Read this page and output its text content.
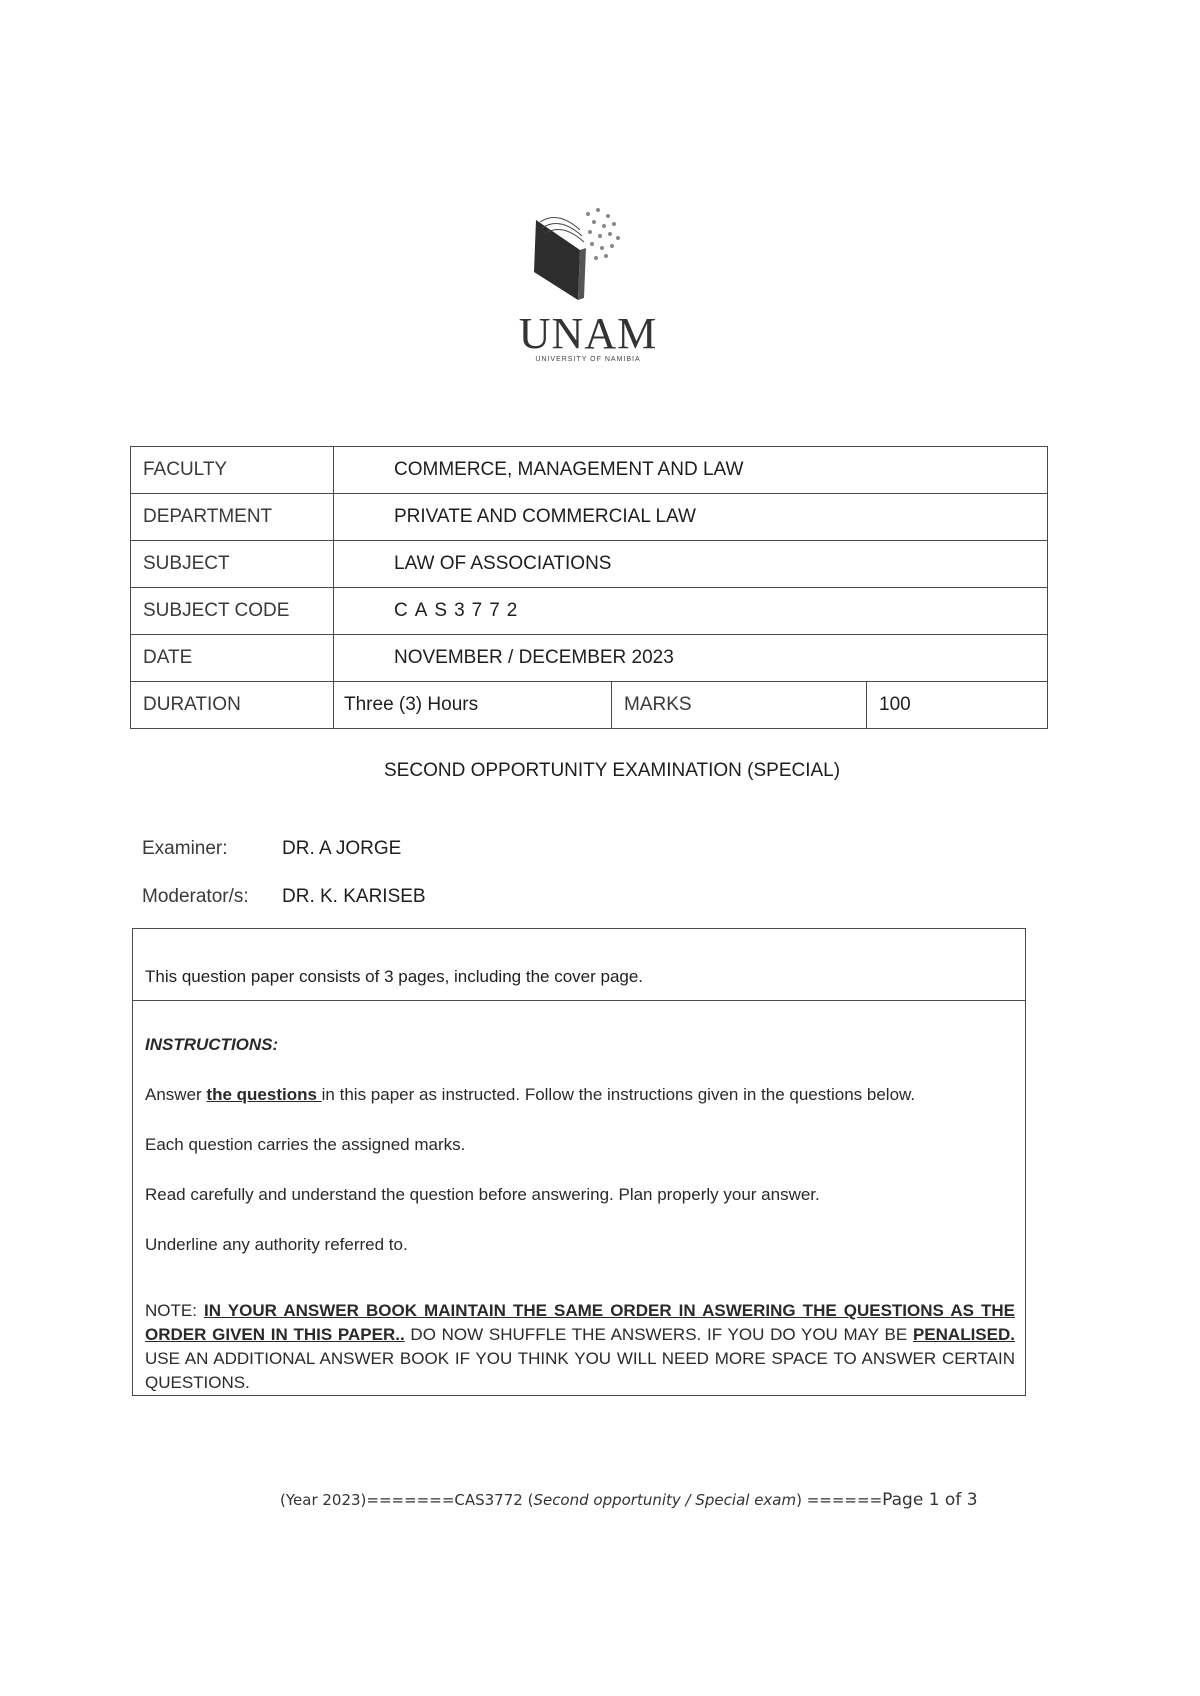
UNAM
UNIVERSITY OF NAMIBIA
FACULTY	COMMERCE, MANAGEMENT AND LAW		
DEPARTMENT	PRIVATE AND COMMERCIAL LAW		
SUBJECT	LAW OF ASSOCIATIONS		
SUBJECT CODE	CAS3772		
DATE	NOVEMBER / DECEMBER 2023		
DURATION	Three (3) Hours	MARKS	100
SECOND OPPORTUNITY EXAMINATION (SPECIAL)
Examiner:	DR. A JORGE
Moderator/s: DR. K. KARISEB
This question paper consists of 3 pages, including the cover page.
INSTRUCTIONS:
Answer the questions in this paper as instructed. Follow the instructions given in the questions below.
Each question carries the assigned marks.
Read carefully and understand the question before answering. Plan properly your answer.
Underline any authority referred to.
NOTE: IN YOUR ANSWER BOOK MAINTAIN THE SAME ORDER IN ASWERING THE QUESTIONS AS THE ORDER GIVEN IN THIS PAPER.. DO NOW SHUFFLE THE ANSWERS. IF YOU DO YOU MAY BE PENALISED. USE AN ADDITIONAL ANSWER BOOK IF YOU THINK YOU WILL NEED MORE SPACE TO ANSWER CERTAIN QUESTIONS.
(Year 2023)=======CAS3772 (Second opportunity / Special exam) ======Page 1 of 3
